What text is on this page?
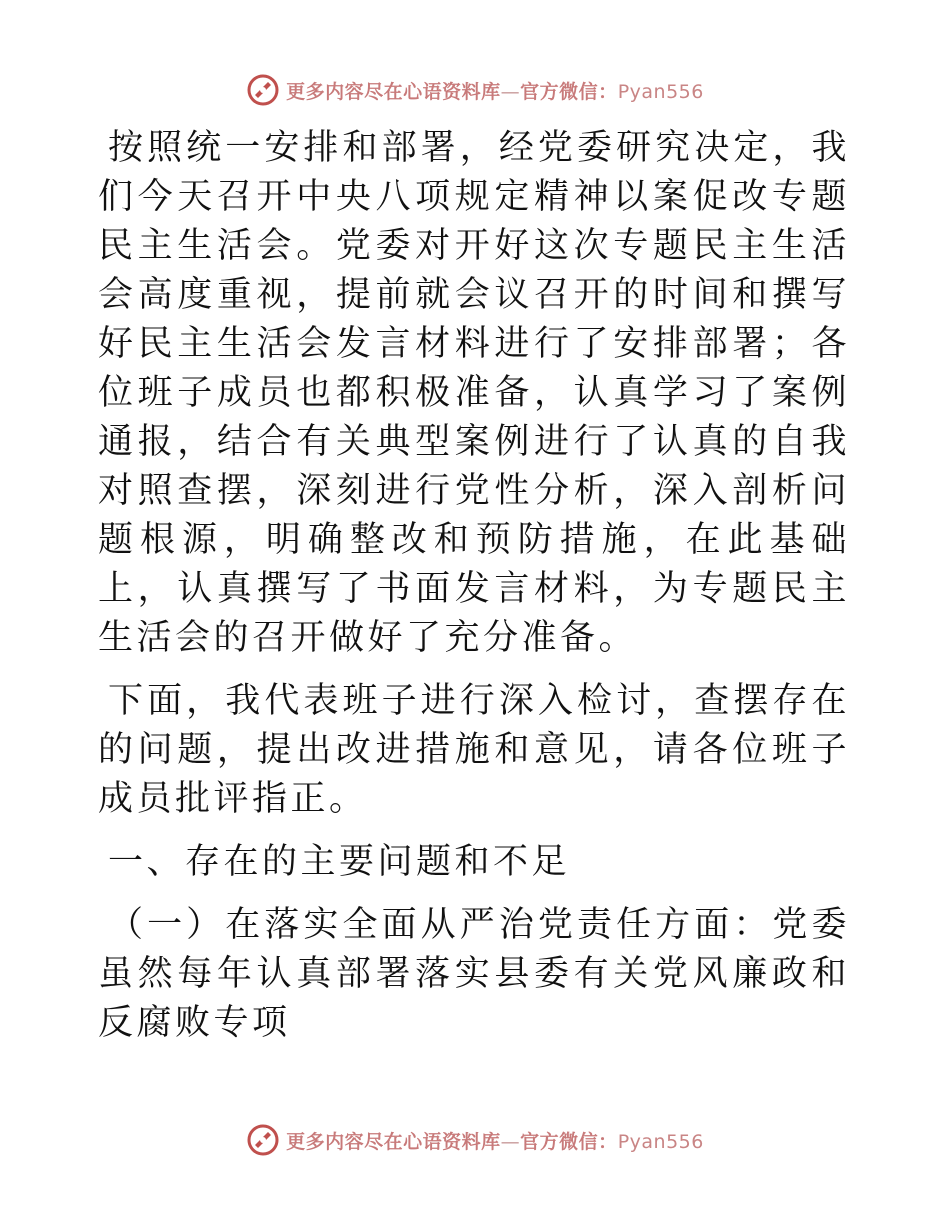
更多内容尽在心语资料库—官方微信：Pyan556

按照统一安排和部署，经党委研究决定，我们今天召开中央八项规定精神以案促改专题民主生活会。党委对开好这次专题民主生活会高度重视，提前就会议召开的时间和撰写好民主生活会发言材料进行了安排部署；各位班子成员也都积极准备，认真学习了案例通报，结合有关典型案例进行了认真的自我对照查摆，深刻进行党性分析，深入剖析问题根源，明确整改和预防措施，在此基础上，认真撰写了书面发言材料，为专题民主生活会的召开做好了充分准备。

下面，我代表班子进行深入检讨，查摆存在的问题，提出改进措施和意见，请各位班子成员批评指正。

一、存在的主要问题和不足

（一）在落实全面从严治党责任方面：党委虽然每年认真部署落实县委有关党风廉政和反腐败专项

更多内容尽在心语资料库—官方微信：Pyan556
